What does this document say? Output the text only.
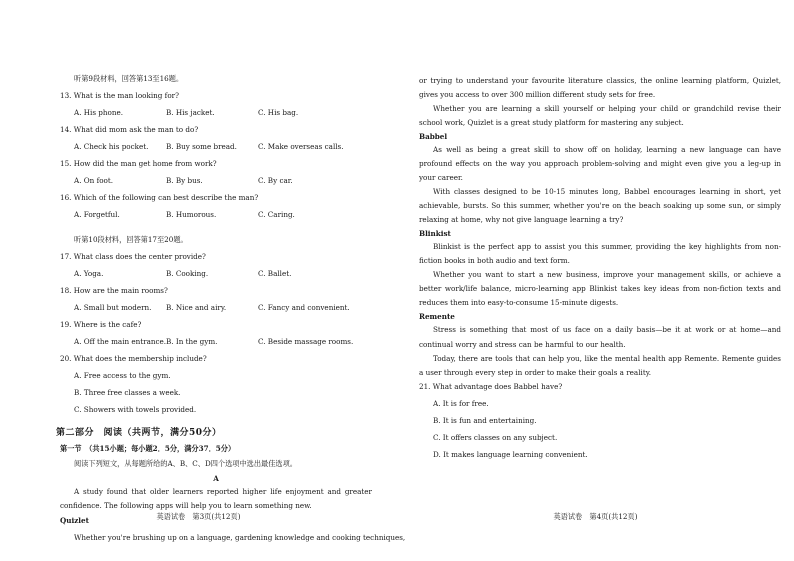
听第9段材料，回答第13至16题。
13. What is the man looking for?
A. His phone.	B. His jacket.	C. His bag.
14. What did mom ask the man to do?
A. Check his pocket.	B. Buy some bread.	C. Make overseas calls.
15. How did the man get home from work?
A. On foot.	B. By bus.	C. By car.
16. Which of the following can best describe the man?
A. Forgetful.	B. Humorous.	C. Caring.
听第10段材料，回答第17至20题。
17. What class does the center provide?
A. Yoga.	B. Cooking.	C. Ballet.
18. How are the main rooms?
A. Small but modern.	B. Nice and airy.	C. Fancy and convenient.
19. Where is the cafe?
A. Off the main entrance. B. In the gym.	C. Beside massage rooms.
20. What does the membership include?
A. Free access to the gym.
B. Three free classes a week.
C. Showers with towels provided.
第二部分　阅读（共两节，满分50分）
第一节　（共15小题；每小题2．5分，满分37．5分）
阅读下列短文，从每题所给的A、B、C、D四个选项中选出最佳选项。
A
A study found that older learners reported higher life enjoyment and greater confidence. The following apps will help you to learn something new.
Quizlet
Whether you're brushing up on a language, gardening knowledge and cooking techniques,
英语试卷　第3页(共12页)
or trying to understand your favourite literature classics, the online learning platform, Quizlet, gives you access to over 300 million different study sets for free.
Whether you are learning a skill yourself or helping your child or grandchild revise their school work, Quizlet is a great study platform for mastering any subject.
Babbel
As well as being a great skill to show off on holiday, learning a new language can have profound effects on the way you approach problem-solving and might even give you a leg-up in your career.
With classes designed to be 10-15 minutes long, Babbel encourages learning in short, yet achievable, bursts. So this summer, whether you're on the beach soaking up some sun, or simply relaxing at home, why not give language learning a try?
Blinkist
Blinkist is the perfect app to assist you this summer, providing the key highlights from non-fiction books in both audio and text form.
Whether you want to start a new business, improve your management skills, or achieve a better work/life balance, micro-learning app Blinkist takes key ideas from non-fiction texts and reduces them into easy-to-consume 15-minute digests.
Remente
Stress is something that most of us face on a daily basis—be it at work or at home—and continual worry and stress can be harmful to our health.
Today, there are tools that can help you, like the mental health app Remente. Remente guides a user through every step in order to make their goals a reality.
21. What advantage does Babbel have?
A. It is for free.
B. It is fun and entertaining.
C. It offers classes on any subject.
D. It makes language learning convenient.
英语试卷　第4页(共12页)
